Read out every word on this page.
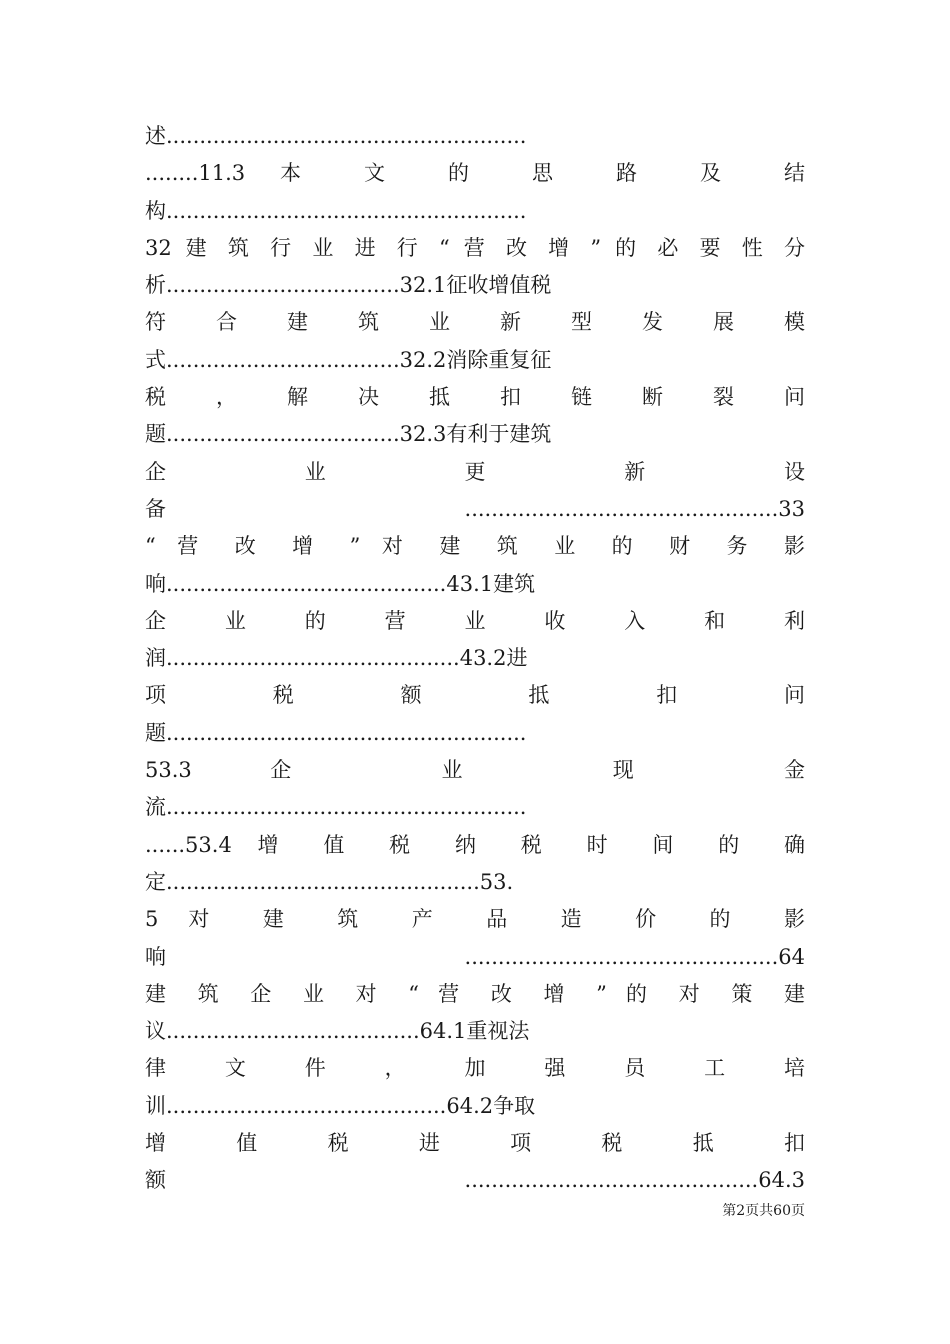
述......................................................
........11.3 本 文 的 思 路 及 结
构......................................................
32 建 筑 行 业 进 行 “ 营 改 增 ” 的 必 要 性 分
析...................................32.1征收增值税
符 合 建 筑 业 新 型 发 展 模
式...................................32.2消除重复征
税 ， 解 决 抵 扣 链 断 裂 问
题...................................32.3有利于建筑
企 业 更 新 设
备 ...............................................33
“ 营 改 增 ” 对 建 筑 业 的 财 务 影
响..........................................43.1建筑
企 业 的 营 业 收 入 和 利
润............................................43.2进
项 税 额 抵 扣 问
题......................................................
53.3 企 业 现 金
流......................................................
......53.4 增 值 税 纳 税 时 间 的 确
定...............................................53.
5 对 建 筑 产 品 造 价 的 影
响 ...............................................64
建 筑 企 业 对 “ 营 改 增 ” 的 对 策 建
议......................................64.1重视法
律 文 件 ， 加 强 员 工 培
训..........................................64.2争取
增 值 税 进 项 税 抵 扣
额 ............................................64.3
第2页共60页
